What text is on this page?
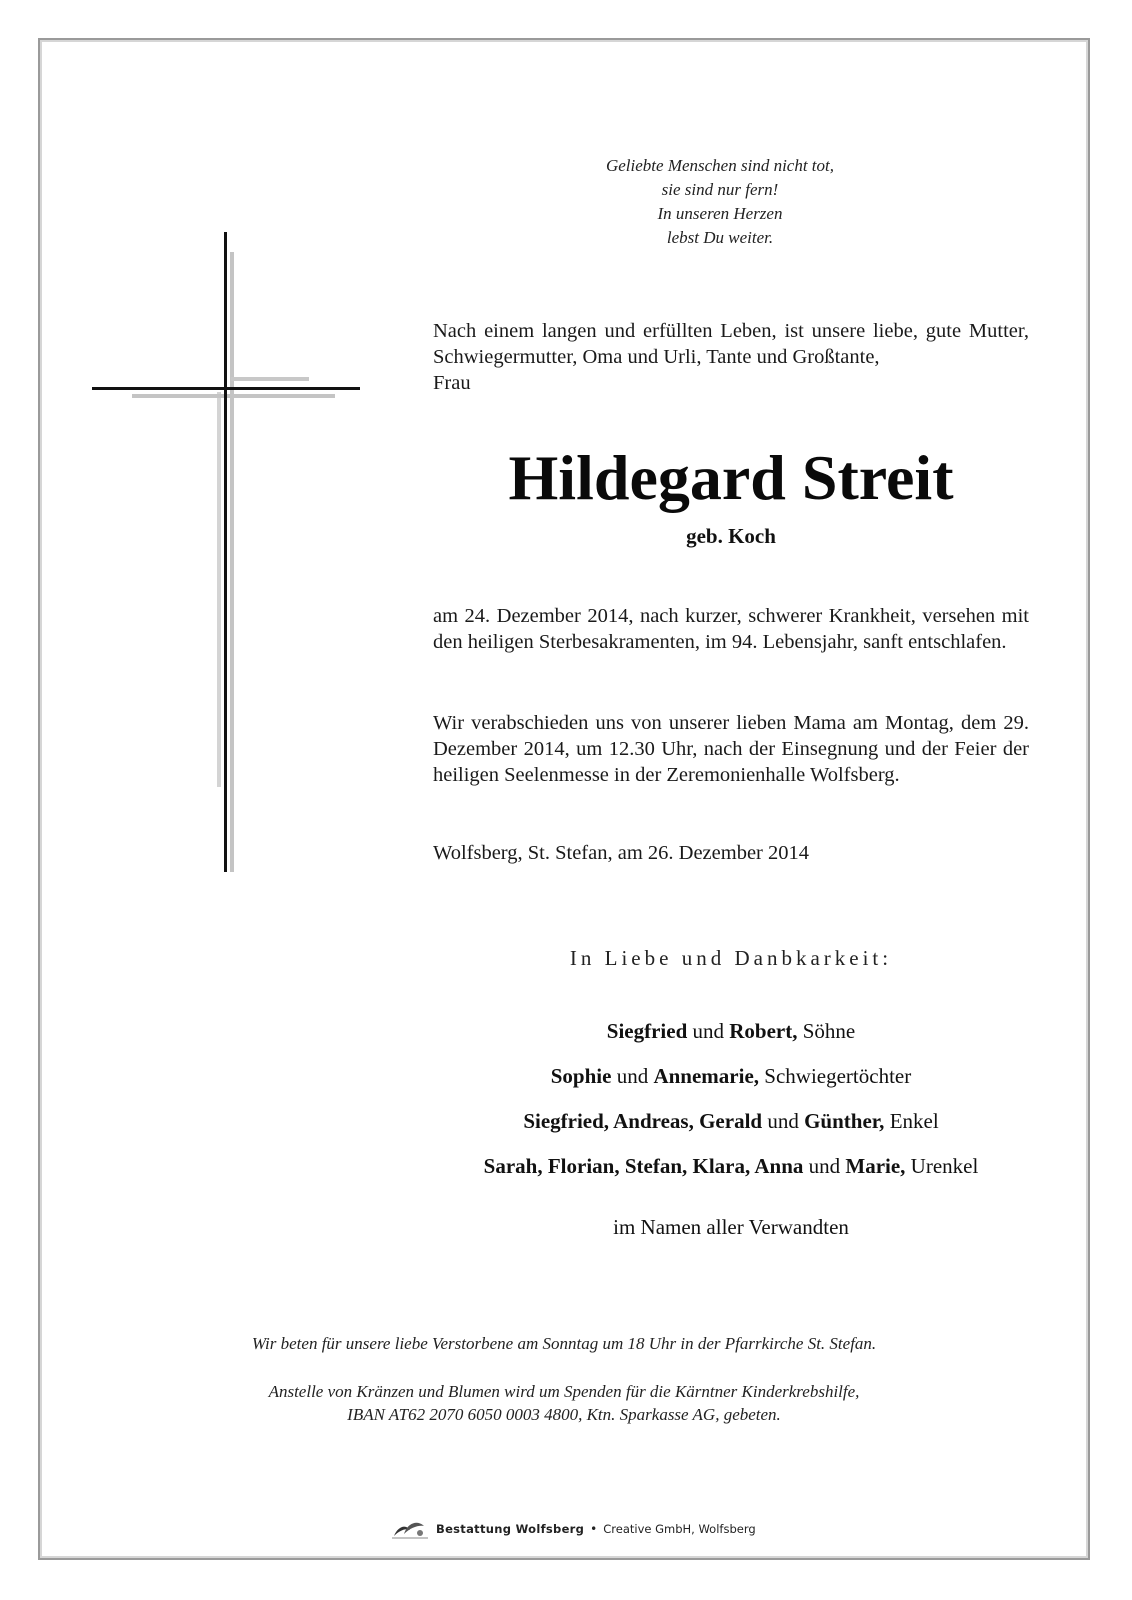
Geliebte Menschen sind nicht tot,
sie sind nur fern!
In unseren Herzen
lebst Du weiter.
Nach einem langen und erfüllten Leben, ist unsere liebe, gute Mutter, Schwiegermutter, Oma und Urli, Tante und Großtante,
Frau
Hildegard Streit
geb. Koch
am 24. Dezember 2014, nach kurzer, schwerer Krankheit, versehen mit den heiligen Sterbesakramenten, im 94. Lebensjahr, sanft entschlafen.
Wir verabschieden uns von unserer lieben Mama am Montag, dem 29. Dezember 2014, um 12.30 Uhr, nach der Einsegnung und der Feier der heiligen Seelenmesse in der Zeremonienhalle Wolfsberg.
Wolfsberg, St. Stefan, am 26. Dezember 2014
In Liebe und Danbkarkeit:
Siegfried und Robert, Söhne
Sophie und Annemarie, Schwiegertöchter
Siegfried, Andreas, Gerald und Günther, Enkel
Sarah, Florian, Stefan, Klara, Anna und Marie, Urenkel
im Namen aller Verwandten
Wir beten für unsere liebe Verstorbene am Sonntag um 18 Uhr in der Pfarrkirche St. Stefan.
Anstelle von Kränzen und Blumen wird um Spenden für die Kärntner Kinderkrebshilfe,
IBAN AT62 2070 6050 0003 4800, Ktn. Sparkasse AG, gebeten.
Bestattung Wolfsberg • Creative GmbH, Wolfsberg
